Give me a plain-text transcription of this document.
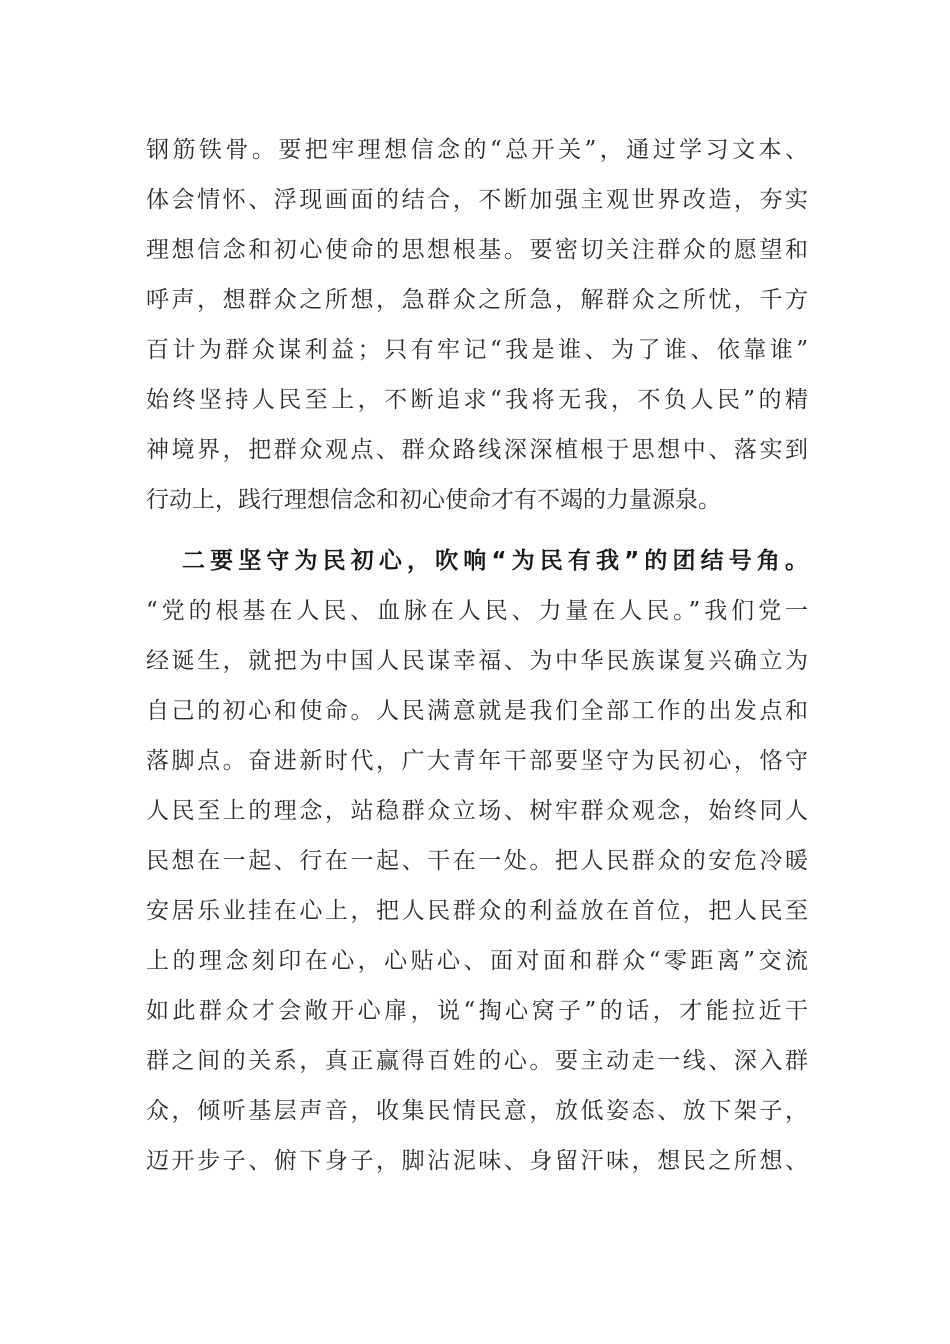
钢筋铁骨。要把牢理想信念的“总开关”，通过学习文本、
体会情怀、浮现画面的结合，不断加强主观世界改造，夯实
理想信念和初心使命的思想根基。要密切关注群众的愿望和
呼声，想群众之所想，急群众之所急，解群众之所忧，千方
百计为群众谋利益；只有牢记“我是谁、为了谁、依靠谁”
始终坚持人民至上，不断追求“我将无我，不负人民”的精
神境界，把群众观点、群众路线深深植根于思想中、落实到
行动上，践行理想信念和初心使命才有不竭的力量源泉。
二要坚守为民初心，吹响“为民有我”的团结号角。
“党的根基在人民、血脉在人民、力量在人民。”我们党一
经诞生，就把为中国人民谋幸福、为中华民族谋复兴确立为
自己的初心和使命。人民满意就是我们全部工作的出发点和
落脚点。奋进新时代，广大青年干部要坚守为民初心，恪守
人民至上的理念，站稳群众立场、树牢群众观念，始终同人
民想在一起、行在一起、干在一处。把人民群众的安危冷暖
安居乐业挂在心上，把人民群众的利益放在首位，把人民至
上的理念刻印在心，心贴心、面对面和群众“零距离”交流
如此群众才会敞开心扉，说“掏心窝子”的话，才能拉近干
群之间的关系，真正赢得百姓的心。要主动走一线、深入群
众，倾听基层声音，收集民情民意，放低姿态、放下架子，
迈开步子、俯下身子，脚沾泥味、身留汗味，想民之所想、
